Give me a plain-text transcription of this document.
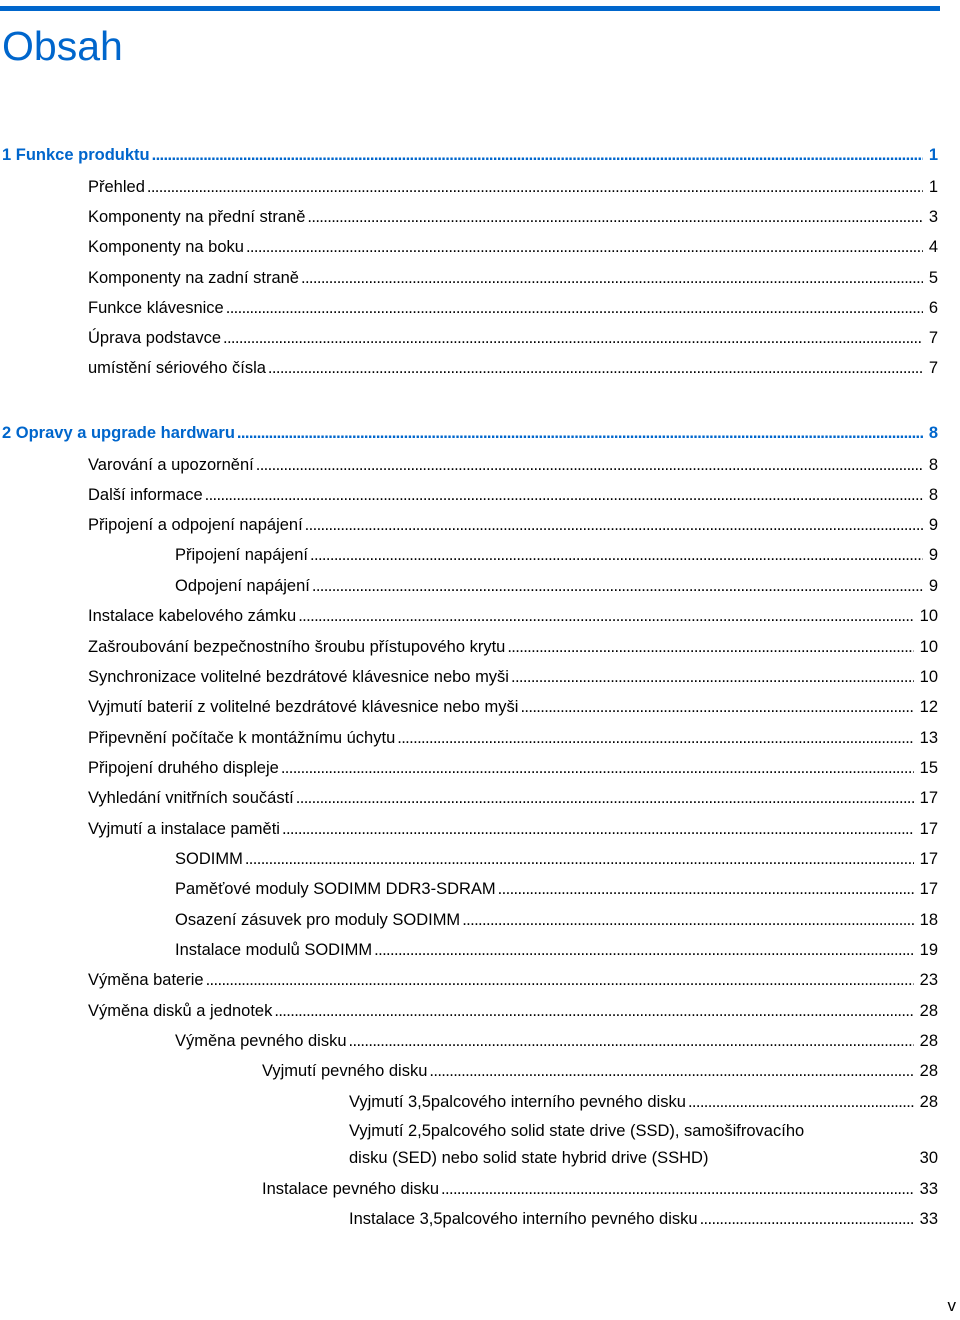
Obsah
1 Funkce produktu . . .	1
Přehled . . .	1
Komponenty na přední straně . . .	3
Komponenty na boku . . .	4
Komponenty na zadní straně . . .	5
Funkce klávesnice . . .	6
Úprava podstavce . . .	7
umístění sériového čísla . . .	7
2 Opravy a upgrade hardwaru . . .	8
Varování a upozornění . . .	8
Další informace . . .	8
Připojení a odpojení napájení . . .	9
Připojení napájení . . .	9
Odpojení napájení . . .	9
Instalace kabelového zámku . . .	10
Zašroubování bezpečnostního šroubu přístupového krytu . . .	10
Synchronizace volitelné bezdrátové klávesnice nebo myši . . .	10
Vyjmutí baterií z volitelné bezdrátové klávesnice nebo myši . . .	12
Připevnění počítače k montážnímu úchytu . . .	13
Připojení druhého displeje . . .	15
Vyhledání vnitřních součástí . . .	17
Vyjmutí a instalace paměti . . .	17
SODIMM . . .	17
Paměťové moduly SODIMM DDR3-SDRAM . . .	17
Osazení zásuvek pro moduly SODIMM . . .	18
Instalace modulů SODIMM . . .	19
Výměna baterie . . .	23
Výměna disků a jednotek . . .	28
Výměna pevného disku . . .	28
Vyjmutí pevného disku . . .	28
Vyjmutí 3,5palcového interního pevného disku . . .	28
Vyjmutí 2,5palcového solid state drive (SSD), samošifrovacího
disku (SED) nebo solid state hybrid drive (SSHD)	30
Instalace pevného disku . . .	33
Instalace 3,5palcového interního pevného disku . . .	33
v
